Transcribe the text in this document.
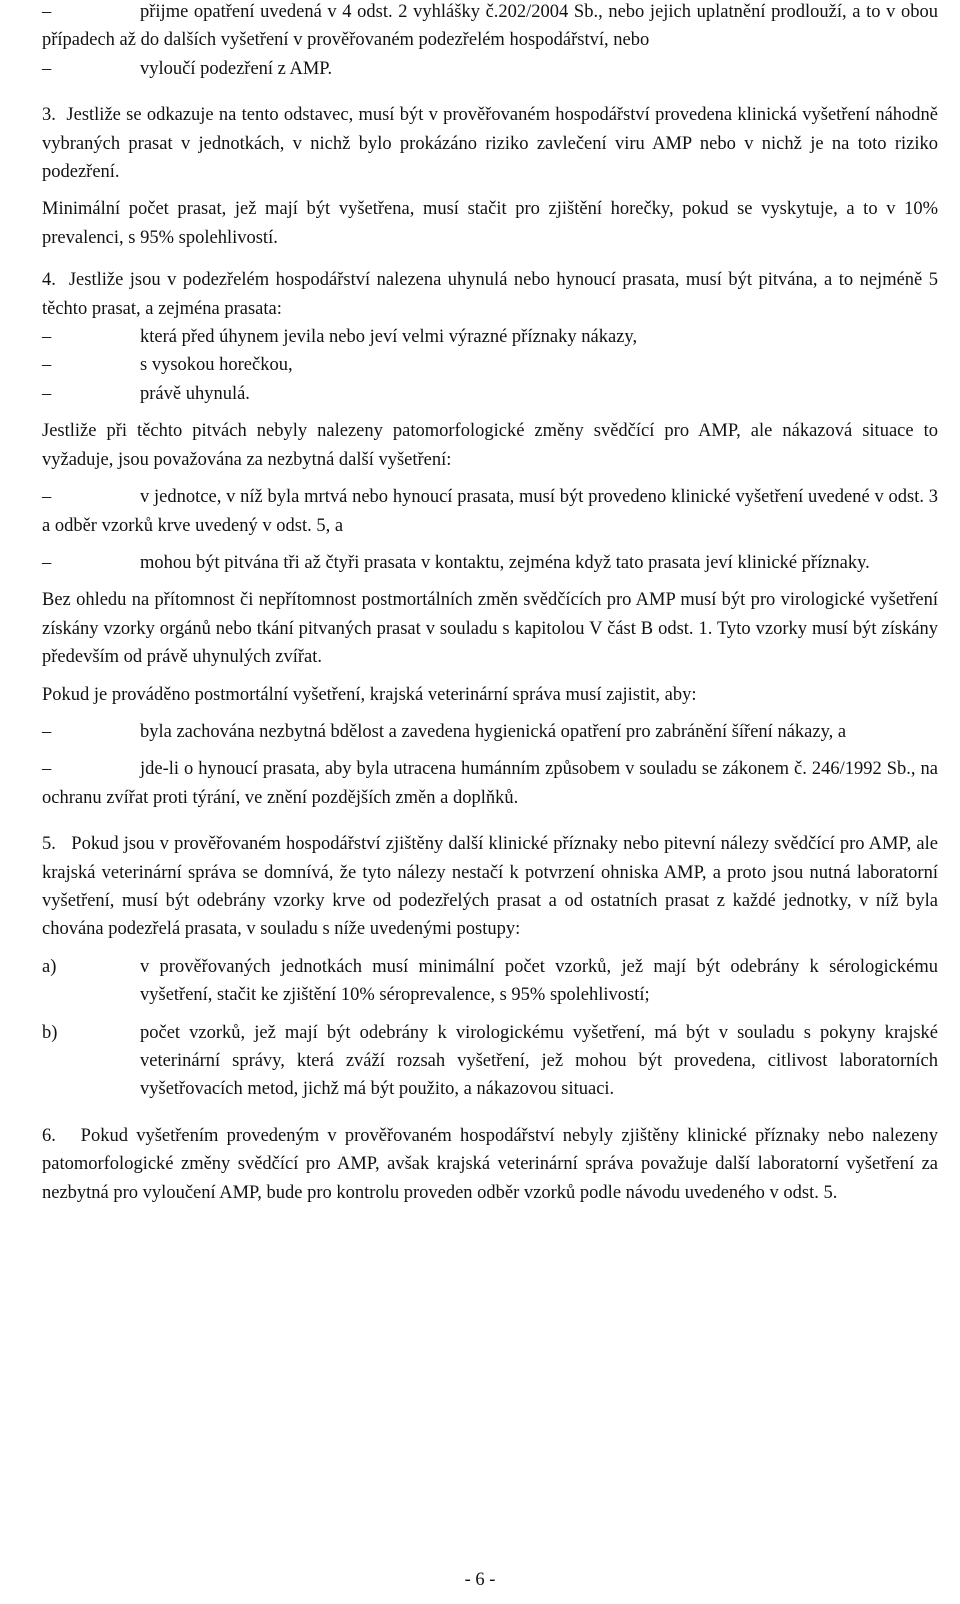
–	přijme opatření uvedená v 4 odst. 2 vyhlášky č.202/2004 Sb., nebo jejich uplatnění prodlouží, a to v obou případech až do dalších vyšetření v prověřovaném podezřelém hospodářství, nebo

–	vyloučí podezření z AMP.

3. Jestliže se odkazuje na tento odstavec, musí být v prověřovaném hospodářství provedena klinická vyšetření náhodně vybraných prasat v jednotkách, v nichž bylo prokázáno riziko zavlečení viru AMP nebo v nichž je na toto riziko podezření.

Minimální počet prasat, jež mají být vyšetřena, musí stačit pro zjištění horečky, pokud se vyskytuje, a to v 10% prevalenci, s 95% spolehlivostí.

4. Jestliže jsou v podezřelém hospodářství nalezena uhynulá nebo hynoucí prasata, musí být pitvána, a to nejméně 5 těchto prasat, a zejména prasata:

–	která před úhynem jevila nebo jeví velmi výrazné příznaky nákazy,

–	s vysokou horečkou,

–	právě uhynulá.

Jestliže při těchto pitvách nebyly nalezeny patomorfologické změny svědčící pro AMP, ale nákazová situace to vyžaduje, jsou považována za nezbytná další vyšetření:

–	v jednotce, v níž byla mrtvá nebo hynoucí prasata, musí být provedeno klinické vyšetření uvedené v odst. 3 a odběr vzorků krve uvedený v odst. 5, a

–	mohou být pitvána tři až čtyři prasata v kontaktu, zejména když tato prasata jeví klinické příznaky.

Bez ohledu na přítomnost či nepřítomnost postmortálních změn svědčících pro AMP musí být pro virologické vyšetření získány vzorky orgánů nebo tkání pitvaných prasat v souladu s kapitolou V část B odst. 1. Tyto vzorky musí být získány především od právě uhynulých zvířat.

Pokud je prováděno postmortální vyšetření, krajská veterinární správa musí zajistit, aby:

–	byla zachována nezbytná bdělost a zavedena hygienická opatření pro zabránění šíření nákazy, a

–	jde-li o hynoucí prasata, aby byla utracena humánním způsobem v souladu se zákonem č. 246/1992 Sb., na ochranu zvířat proti týrání, ve znění pozdějších změn a doplňků.

5. Pokud jsou v prověřovaném hospodářství zjištěny další klinické příznaky nebo pitevní nálezy svědčící pro AMP, ale krajská veterinární správa se domnívá, že tyto nálezy nestačí k potvrzení ohniska AMP, a proto jsou nutná laboratorní vyšetření, musí být odebrány vzorky krve od podezřelých prasat a od ostatních prasat z každé jednotky, v níž byla chována podezřelá prasata, v souladu s níže uvedenými postupy:

a)	v prověřovaných jednotkách musí minimální počet vzorků, jež mají být odebrány k sérologickému vyšetření, stačit ke zjištění 10% séroprevalence, s 95% spolehlivostí;

b)	počet vzorků, jež mají být odebrány k virologickému vyšetření, má být v souladu s pokyny krajské veterinární správy, která zváží rozsah vyšetření, jež mohou být provedena, citlivost laboratorních vyšetřovacích metod, jichž má být použito, a nákazovou situaci.

6. Pokud vyšetřením provedeným v prověřovaném hospodářství nebyly zjištěny klinické příznaky nebo nalezeny patomorfologické změny svědčící pro AMP, avšak krajská veterinární správa považuje další laboratorní vyšetření za nezbytná pro vyloučení AMP, bude pro kontrolu proveden odběr vzorků podle návodu uvedeného v odst. 5.

- 6 -
